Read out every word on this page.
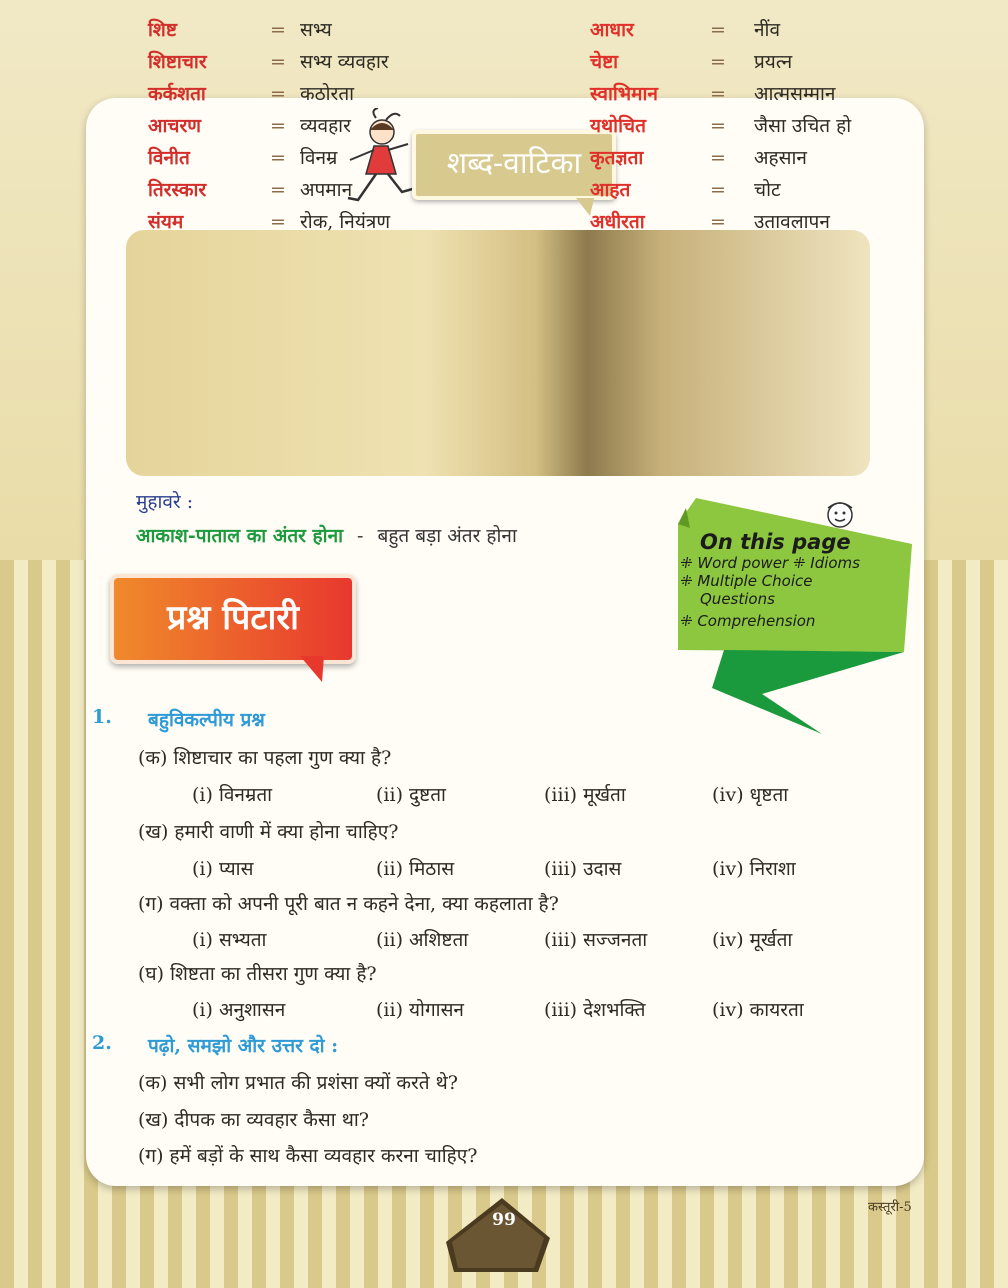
शब्द-वाटिका
शिष्ट	= सभ्य
शिष्टाचार	= सभ्य व्यवहार
कर्कशता	= कठोरता
आचरण	= व्यवहार
विनीत	= विनम्र
तिरस्कार	= अपमान
संयम	= रोक, नियंत्रण
आधार	=	नींव
चेष्टा	=	प्रयत्न
स्वाभिमान	=	आत्मसम्मान
यथोचित	=	जैसा उचित हो
कृतज्ञता	=	अहसान
आहत	=	चोट
अधीरता	=	उतावलापन
मुहावरे :
आकाश-पाताल का अंतर होना - बहुत बड़ा अंतर होना	On this page
⁜ Word power ⁜ Idioms
⁜ Multiple Choice
Questions
⁜ Comprehension
प्रश्न पिटारी
1. बहुविकल्पीय प्रश्न
(क) शिष्टाचार का पहला गुण क्या है?
(i) विनम्रता	(ii) दुष्टता	(iii) मूर्खता	(iv) धृष्टता
(ख) हमारी वाणी में क्या होना चाहिए?
(i) प्यास	(ii) मिठास	(iii) उदास	(iv) निराशा
(ग) वक्ता को अपनी पूरी बात न कहने देना, क्या कहलाता है?
(i) सभ्यता	(ii) अशिष्टता	(iii) सज्जनता	(iv) मूर्खता
(घ) शिष्टता का तीसरा गुण क्या है?
(i) अनुशासन	(ii) योगासन	(iii) देशभक्ति	(iv) कायरता
2. पढ़ो, समझो और उत्तर दो :
(क) सभी लोग प्रभात की प्रशंसा क्यों करते थे?
(ख) दीपक का व्यवहार कैसा था?
(ग) हमें बड़ों के साथ कैसा व्यवहार करना चाहिए?
99
कस्तूरी-5
